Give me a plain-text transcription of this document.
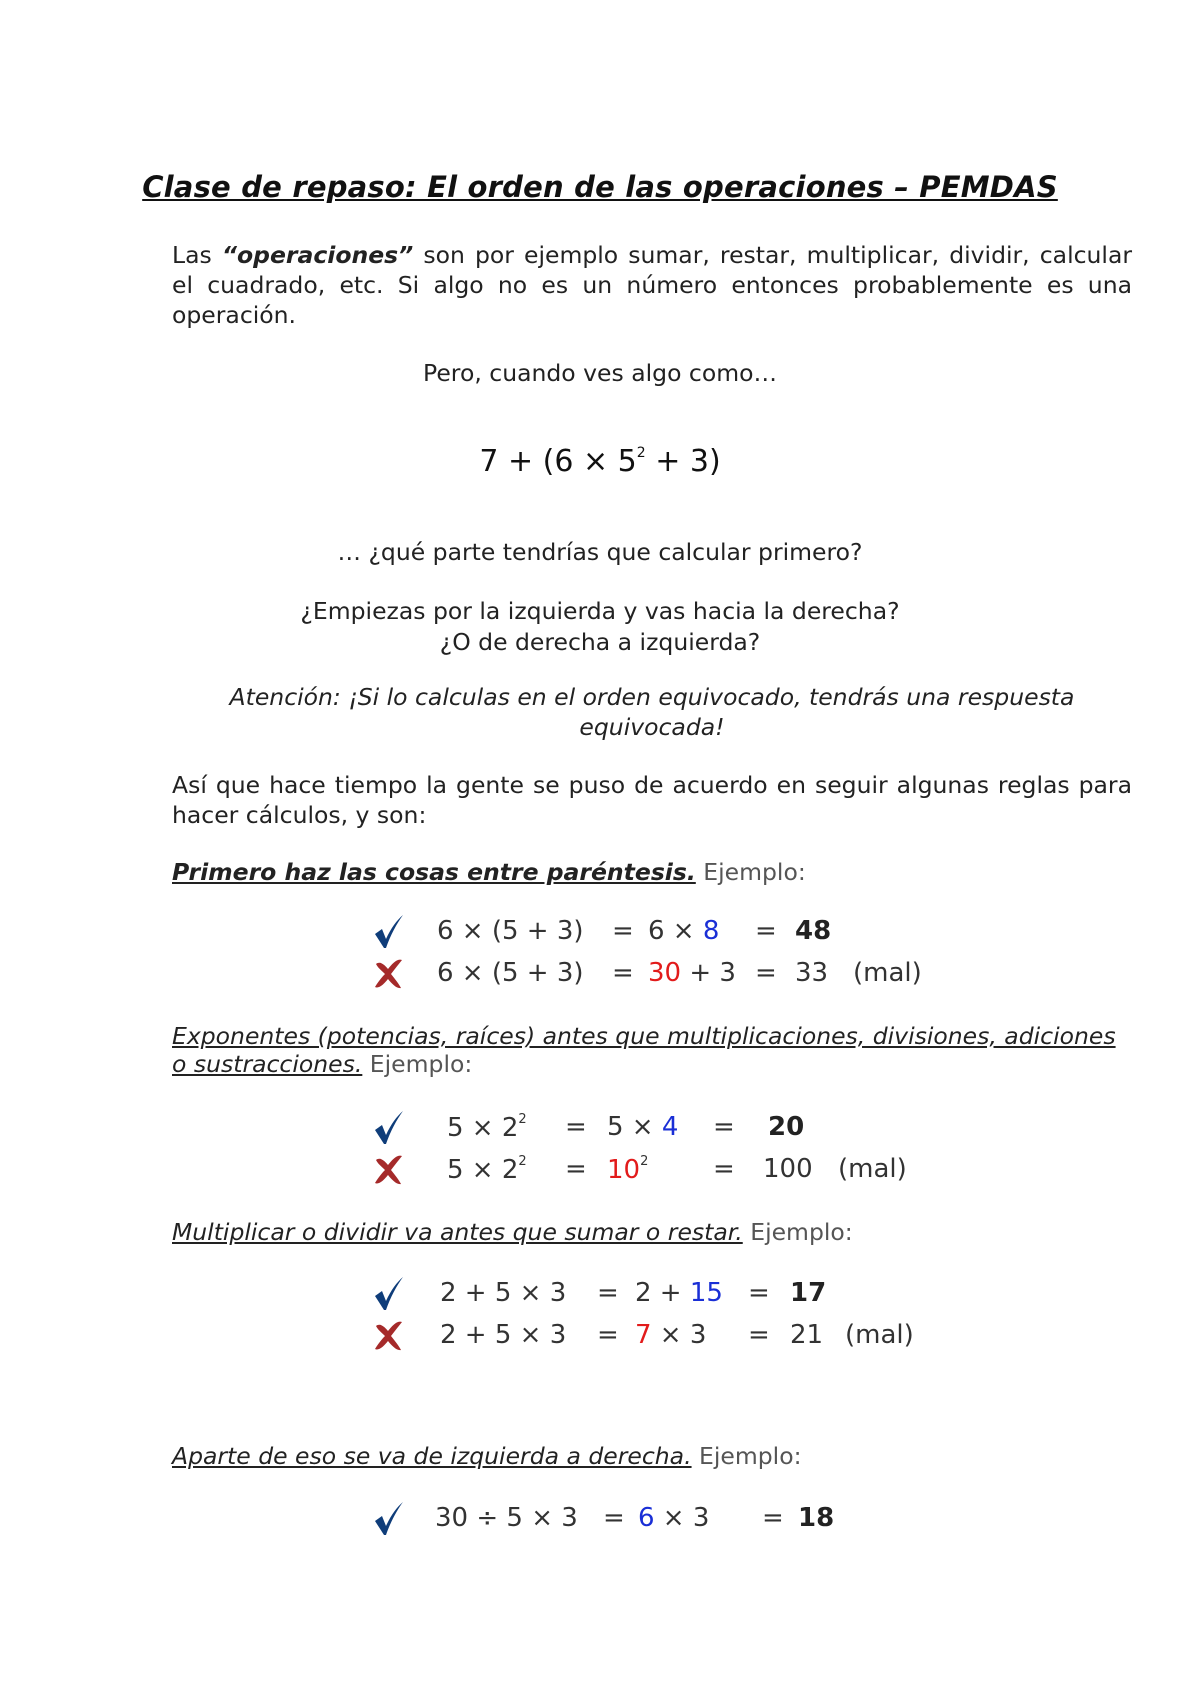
Clase de repaso: El orden de las operaciones – PEMDAS
Las “operaciones” son por ejemplo sumar, restar, multiplicar, dividir, calcular el cuadrado, etc. Si algo no es un número entonces probablemente es una operación.
Pero, cuando ves algo como…
$7 + (6 \times 5^2 + 3)$
… ¿qué parte tendrías que calcular primero?
¿Empiezas por la izquierda y vas hacia la derecha?
¿O de derecha a izquierda?
Atención: ¡Si lo calculas en el orden equivocado, tendrás una respuesta equivocada!
Así que hace tiempo la gente se puso de acuerdo en seguir algunas reglas para hacer cálculos, y son:
Primero haz las cosas entre paréntesis. Ejemplo:
6 × (5 + 3) = 6 × 8 = 48
6 × (5 + 3) = 30 + 3 = 33 (mal)
Exponentes (potencias, raíces) antes que multiplicaciones, divisiones, adiciones o sustracciones. Ejemplo:
$5 \times 2^2 = 5 \times 4 = 20$
$5 \times 2^2 = 10^2 = 100$ (mal)
Multiplicar o dividir va antes que sumar o restar. Ejemplo:
2 + 5 × 3 = 2 + 15 = 17
2 + 5 × 3 = 7 × 3 = 21 (mal)
Aparte de eso se va de izquierda a derecha. Ejemplo:
30 ÷ 5 × 3 = 6 × 3 = 18
